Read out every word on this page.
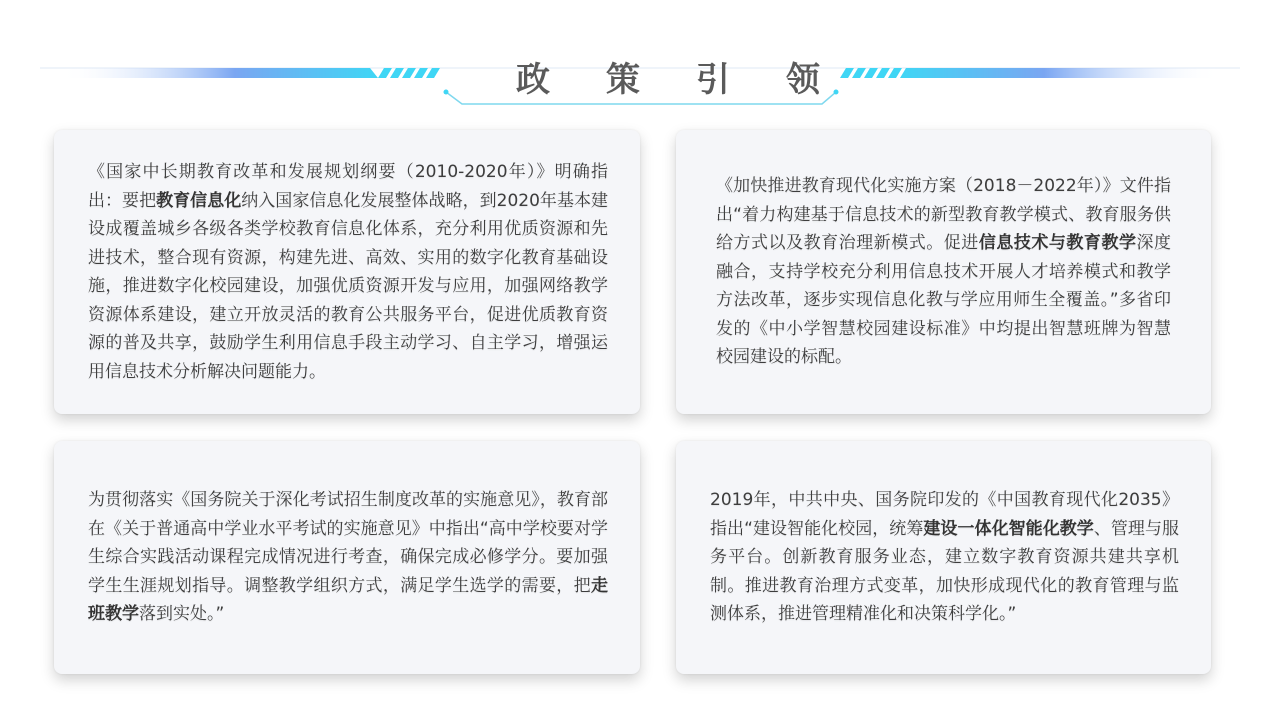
政策引领

《国家中长期教育改革和发展规划纲要（2010-2020年）》明确指出：要把教育信息化纳入国家信息化发展整体战略，到2020年基本建设成覆盖城乡各级各类学校教育信息化体系，充分利用优质资源和先进技术，整合现有资源，构建先进、高效、实用的数字化教育基础设施，推进数字化校园建设，加强优质资源开发与应用，加强网络教学资源体系建设，建立开放灵活的教育公共服务平台，促进优质教育资源的普及共享，鼓励学生利用信息手段主动学习、自主学习，增强运用信息技术分析解决问题能力。

《加快推进教育现代化实施方案（2018－2022年）》文件指出“着力构建基于信息技术的新型教育教学模式、教育服务供给方式以及教育治理新模式。促进信息技术与教育教学深度融合，支持学校充分利用信息技术开展人才培养模式和教学方法改革，逐步实现信息化教与学应用师生全覆盖。”多省印发的《中小学智慧校园建设标准》中均提出智慧班牌为智慧校园建设的标配。

为贯彻落实《国务院关于深化考试招生制度改革的实施意见》，教育部在《关于普通高中学业水平考试的实施意见》中指出“高中学校要对学生综合实践活动课程完成情况进行考查，确保完成必修学分。要加强学生生涯规划指导。调整教学组织方式，满足学生选学的需要，把走班教学落到实处。”

2019年，中共中央、国务院印发的《中国教育现代化2035》指出“建设智能化校园，统筹建设一体化智能化教学、管理与服务平台。创新教育服务业态，建立数字教育资源共建共享机制。推进教育治理方式变革，加快形成现代化的教育管理与监测体系，推进管理精准化和决策科学化。”
